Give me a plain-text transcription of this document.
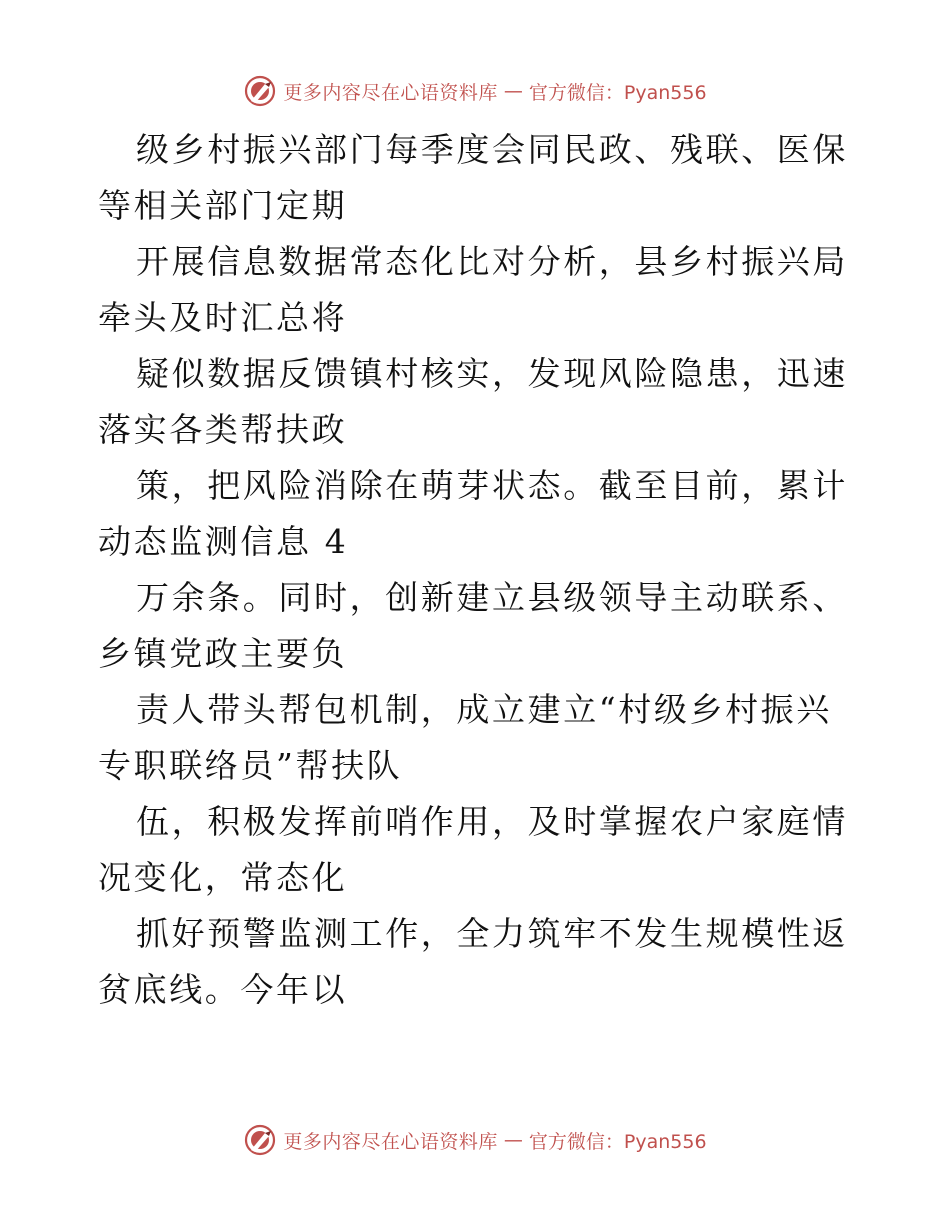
更多内容尽在心语资料库 — 官方微信：Pyan556

级乡村振兴部门每季度会同民政、残联、医保等相关部门定期

开展信息数据常态化比对分析，县乡村振兴局牵头及时汇总将

疑似数据反馈镇村核实，发现风险隐患，迅速落实各类帮扶政

策，把风险消除在萌芽状态。截至目前，累计动态监测信息 4

万余条。同时，创新建立县级领导主动联系、乡镇党政主要负

责人带头帮包机制，成立建立“村级乡村振兴专职联络员”帮扶队

伍，积极发挥前哨作用，及时掌握农户家庭情况变化，常态化

抓好预警监测工作，全力筑牢不发生规模性返贫底线。今年以

更多内容尽在心语资料库 — 官方微信：Pyan556
